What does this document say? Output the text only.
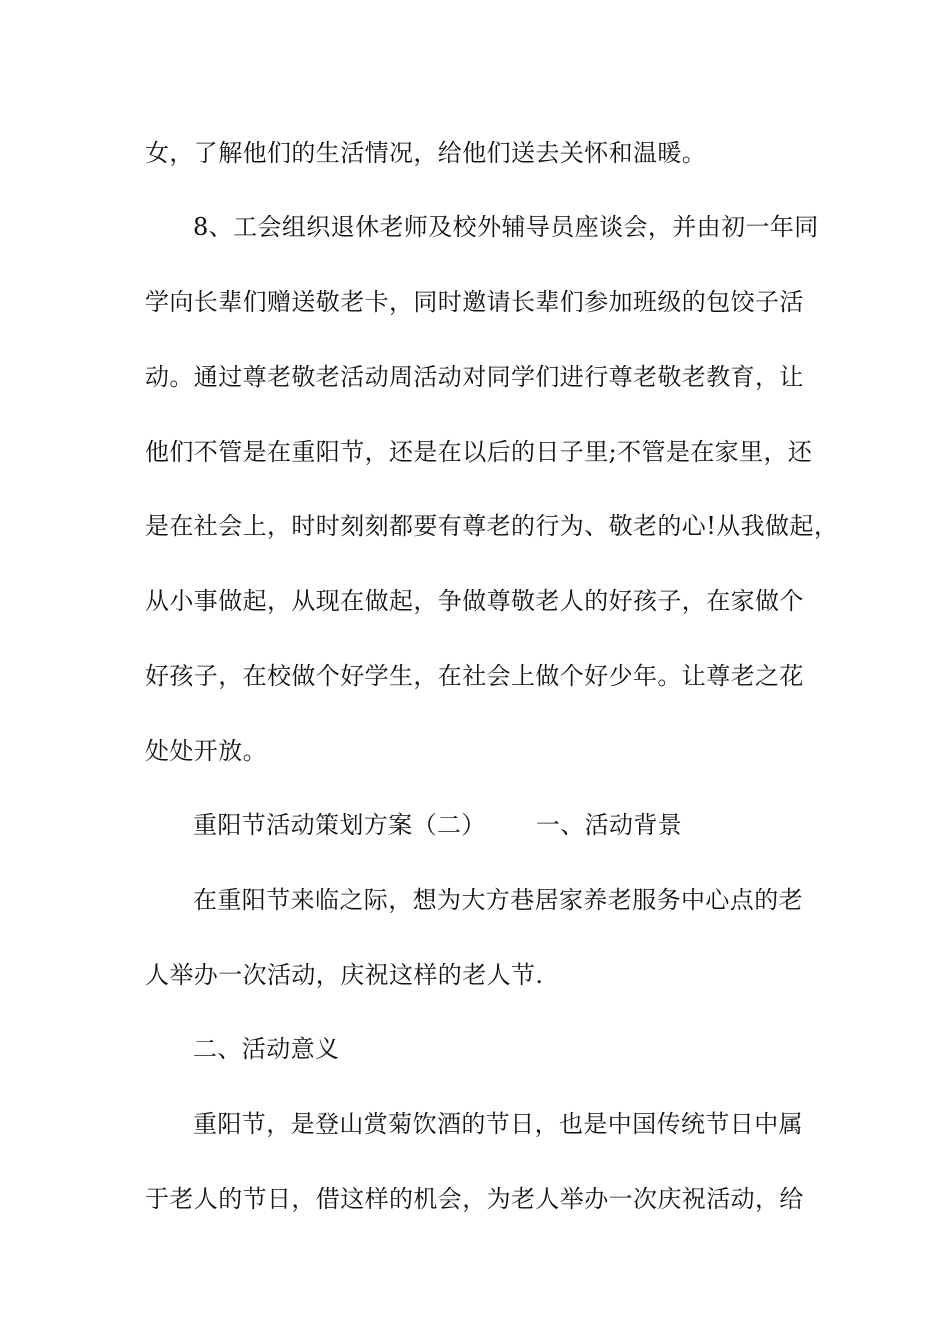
女，了解他们的生活情况，给他们送去关怀和温暖。
8、工会组织退休老师及校外辅导员座谈会，并由初一年同
学向长辈们赠送敬老卡，同时邀请长辈们参加班级的包饺子活
动。通过尊老敬老活动周活动对同学们进行尊老敬老教育，让
他们不管是在重阳节，还是在以后的日子里;不管是在家里，还
是在社会上，时时刻刻都要有尊老的行为、敬老的心!从我做起，
从小事做起，从现在做起，争做尊敬老人的好孩子，在家做个
好孩子，在校做个好学生，在社会上做个好少年。让尊老之花
处处开放。
重阳节活动策划方案（二） 一、活动背景
在重阳节来临之际，想为大方巷居家养老服务中心点的老
人举办一次活动，庆祝这样的老人节.
二、活动意义
重阳节，是登山赏菊饮酒的节日，也是中国传统节日中属
于老人的节日，借这样的机会，为老人举办一次庆祝活动，给
